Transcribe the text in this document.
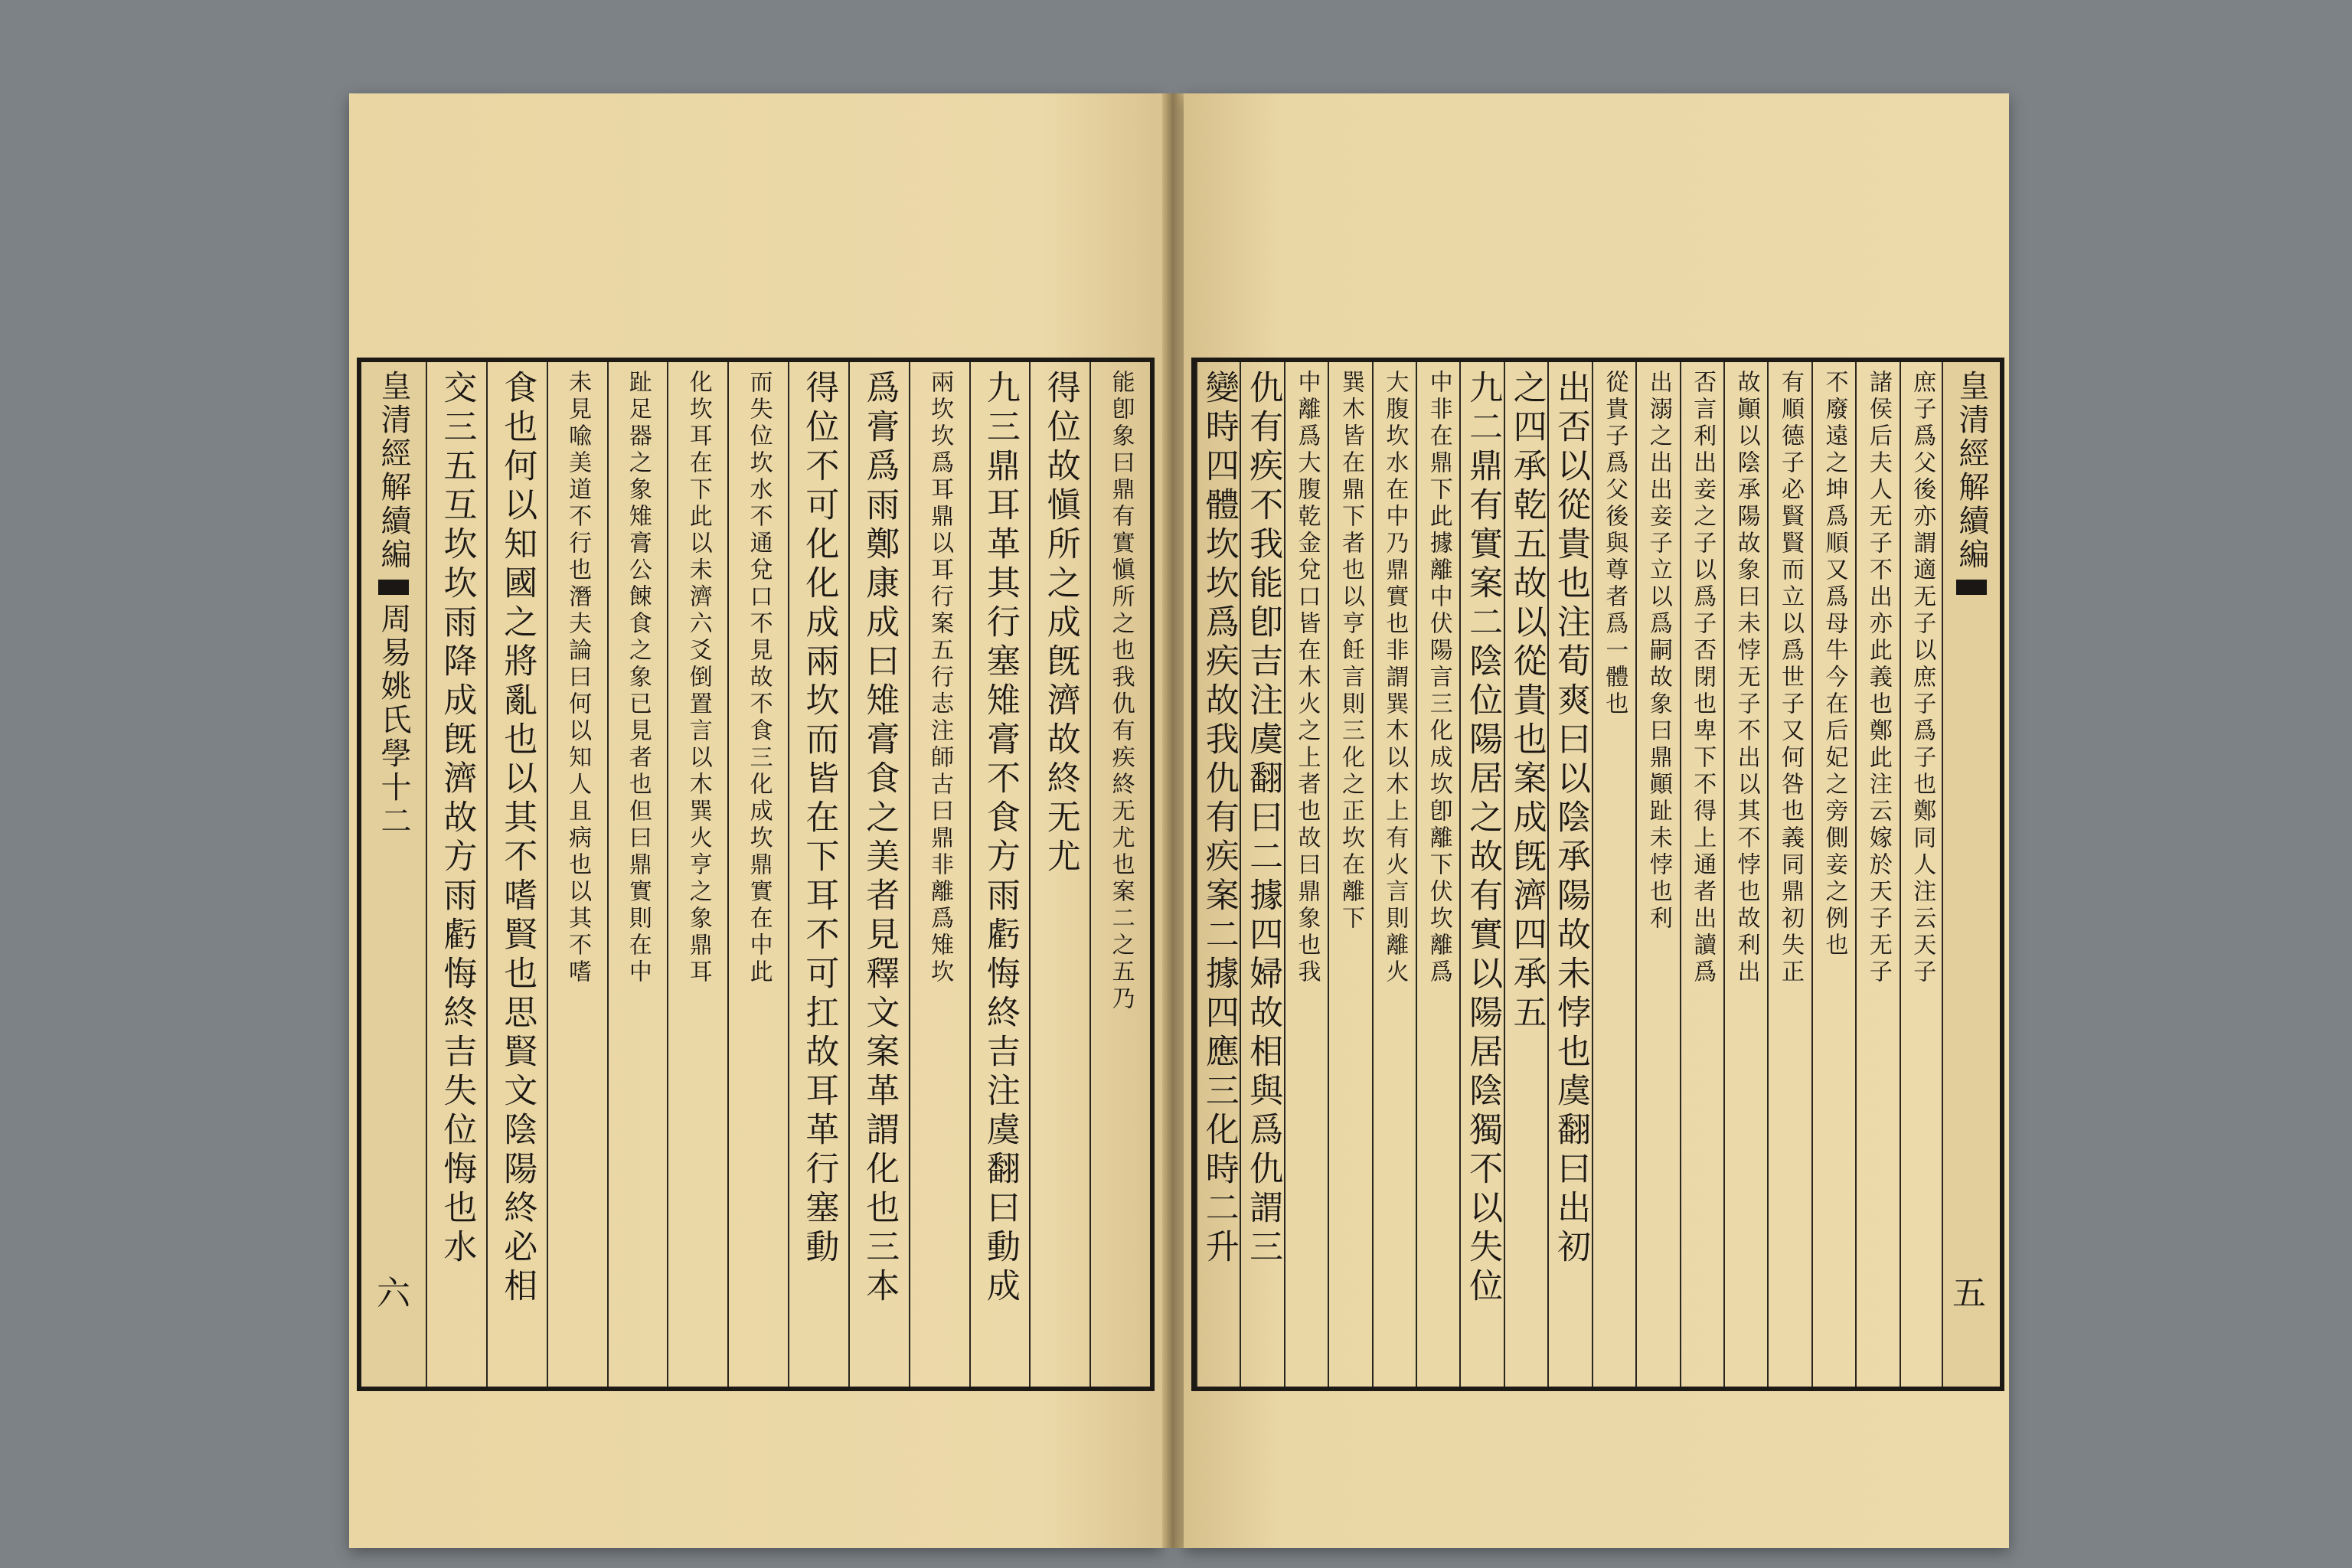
皇清經解續編周易姚氏學十二
六
能卽象曰鼎有實愼所之也我仇有疾終无尤也案二之五乃
得位故愼所之成旣濟故終无尤
九三鼎耳革其行塞雉膏不食方雨虧悔終吉注虞翻曰動成
兩坎坎爲耳鼎以耳行案五行志注師古曰鼎非離爲雉坎
爲膏爲雨鄭康成曰雉膏食之美者見釋文案革謂化也三本
得位不可化化成兩坎而皆在下耳不可扛故耳革行塞動
而失位坎水不通兌口不見故不食三化成坎鼎實在中此
化坎耳在下此以未濟六爻倒置言以木巽火亨之象鼎耳
趾足器之象雉膏公餗食之象已見者也但曰鼎實則在中
未見喩美道不行也潛夫論曰何以知人且病也以其不嗜
食也何以知國之將亂也以其不嗜賢也思賢文陰陽終必相
交三五互坎坎雨降成旣濟故方雨虧悔終吉失位悔也水	皇清經解續編
五
庶子爲父後亦謂適无子以庶子爲子也鄭同人注云天子
諸侯后夫人无子不出亦此義也鄭此注云嫁於天子无子
不廢遠之坤爲順又爲母牛今在后妃之旁側妾之例也
有順德子必賢賢而立以爲世子又何咎也義同鼎初失正
故顚以陰承陽故象曰未悖无子不出以其不悖也故利出
否言利出妾之子以爲子否閉也卑下不得上通者出讀爲
出溺之出出妾子立以爲嗣故象曰鼎顚趾未悖也利
從貴子爲父後與尊者爲一體也
出否以從貴也注荀爽曰以陰承陽故未悖也虞翻曰出初
之四承乾五故以從貴也案成旣濟四承五
九二鼎有實案二陰位陽居之故有實以陽居陰獨不以失位
中非在鼎下此據離中伏陽言三化成坎卽離下伏坎離爲
大腹坎水在中乃鼎實也非謂巽木以木上有火言則離火
巽木皆在鼎下者也以亨飪言則三化之正坎在離下
中離爲大腹乾金兌口皆在木火之上者也故曰鼎象也我
仇有疾不我能卽吉注虞翻曰二據四婦故相與爲仇謂三
變時四體坎坎爲疾故我仇有疾案二據四應三化時二升
